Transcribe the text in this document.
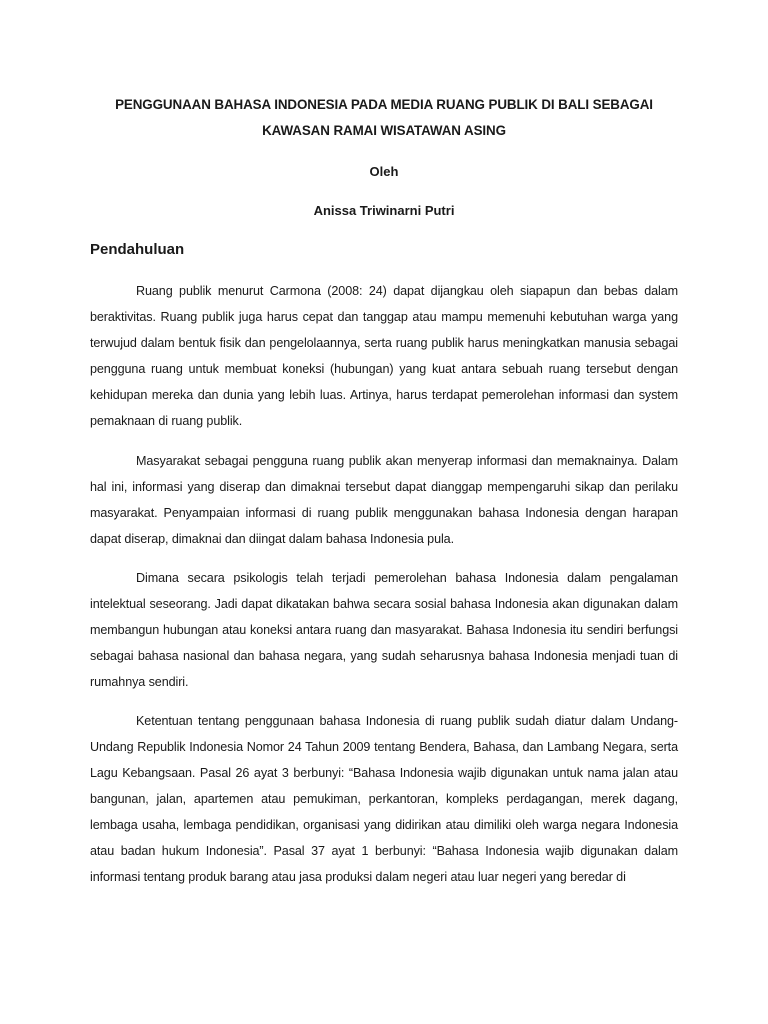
PENGGUNAAN BAHASA INDONESIA PADA MEDIA RUANG PUBLIK DI BALI SEBAGAI KAWASAN RAMAI WISATAWAN ASING

Oleh

Anissa Triwinarni Putri

Pendahuluan

Ruang publik menurut Carmona (2008: 24) dapat dijangkau oleh siapapun dan bebas dalam beraktivitas. Ruang publik juga harus cepat dan tanggap atau mampu memenuhi kebutuhan warga yang terwujud dalam bentuk fisik dan pengelolaannya, serta ruang publik harus meningkatkan manusia sebagai pengguna ruang untuk membuat koneksi (hubungan) yang kuat antara sebuah ruang tersebut dengan kehidupan mereka dan dunia yang lebih luas. Artinya, harus terdapat pemerolehan informasi dan system pemaknaan di ruang publik.

Masyarakat sebagai pengguna ruang publik akan menyerap informasi dan memaknainya. Dalam hal ini, informasi yang diserap dan dimaknai tersebut dapat dianggap mempengaruhi sikap dan perilaku masyarakat. Penyampaian informasi di ruang publik menggunakan bahasa Indonesia dengan harapan dapat diserap, dimaknai dan diingat dalam bahasa Indonesia pula.

Dimana secara psikologis telah terjadi pemerolehan bahasa Indonesia dalam pengalaman intelektual seseorang. Jadi dapat dikatakan bahwa secara sosial bahasa Indonesia akan digunakan dalam membangun hubungan atau koneksi antara ruang dan masyarakat. Bahasa Indonesia itu sendiri berfungsi sebagai bahasa nasional dan bahasa negara, yang sudah seharusnya bahasa Indonesia menjadi tuan di rumahnya sendiri.

Ketentuan tentang penggunaan bahasa Indonesia di ruang publik sudah diatur dalam Undang-Undang Republik Indonesia Nomor 24 Tahun 2009 tentang Bendera, Bahasa, dan Lambang Negara, serta Lagu Kebangsaan. Pasal 26 ayat 3 berbunyi: “Bahasa Indonesia wajib digunakan untuk nama jalan atau bangunan, jalan, apartemen atau pemukiman, perkantoran, kompleks perdagangan, merek dagang, lembaga usaha, lembaga pendidikan, organisasi yang didirikan atau dimiliki oleh warga negara Indonesia atau badan hukum Indonesia”. Pasal 37 ayat 1 berbunyi: “Bahasa Indonesia wajib digunakan dalam informasi tentang produk barang atau jasa produksi dalam negeri atau luar negeri yang beredar di
